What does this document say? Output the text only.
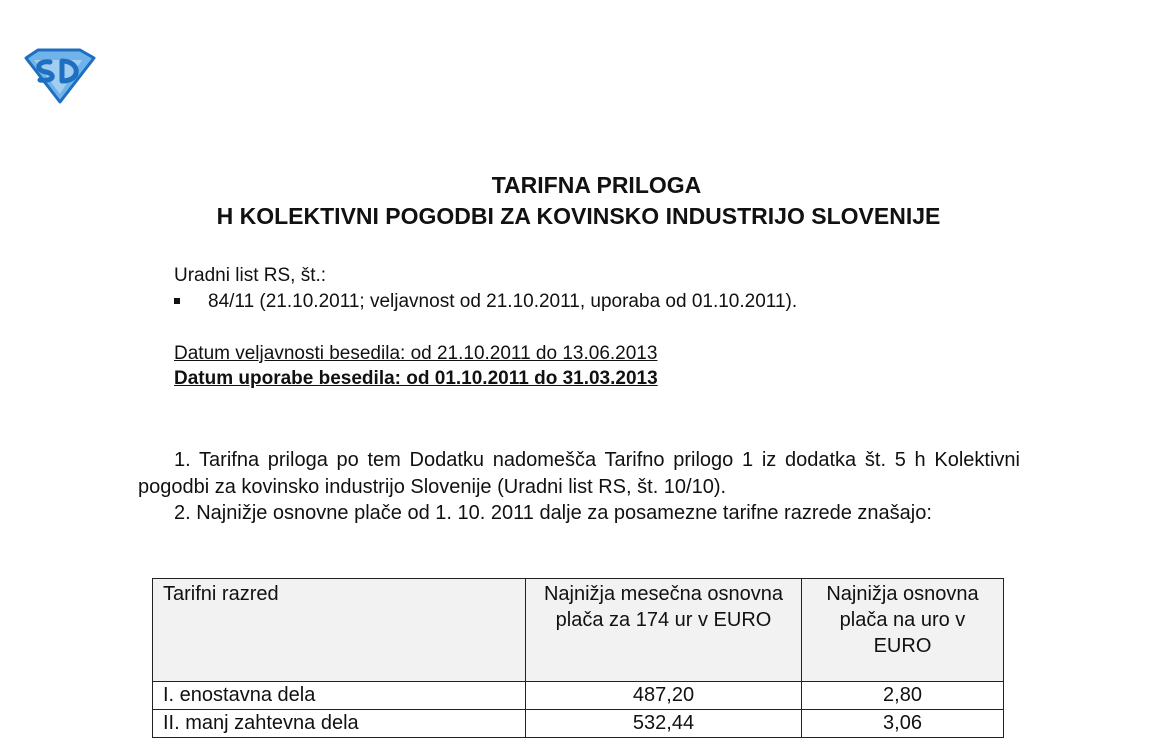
TARIFNA PRILOGA
H KOLEKTIVNI POGODBI ZA KOVINSKO INDUSTRIJO SLOVENIJE
Uradni list RS, št.:
84/11 (21.10.2011; veljavnost od 21.10.2011, uporaba od 01.10.2011).
Datum veljavnosti besedila: od 21.10.2011 do 13.06.2013
Datum uporabe besedila: od 01.10.2011 do 31.03.2013
1. Tarifna priloga po tem Dodatku nadomešča Tarifno prilogo 1 iz dodatka št. 5 h Kolektivni pogodbi za kovinsko industrijo Slovenije (Uradni list RS, št. 10/10).
2. Najnižje osnovne plače od 1. 10. 2011 dalje za posamezne tarifne razrede znašajo:
Tarifni razred	Najnižja mesečna osnovna plača za 174 ur v EURO	Najnižja osnovna plača na uro v EURO
I. enostavna dela	487,20	2,80
II. manj zahtevna dela	532,44	3,06
